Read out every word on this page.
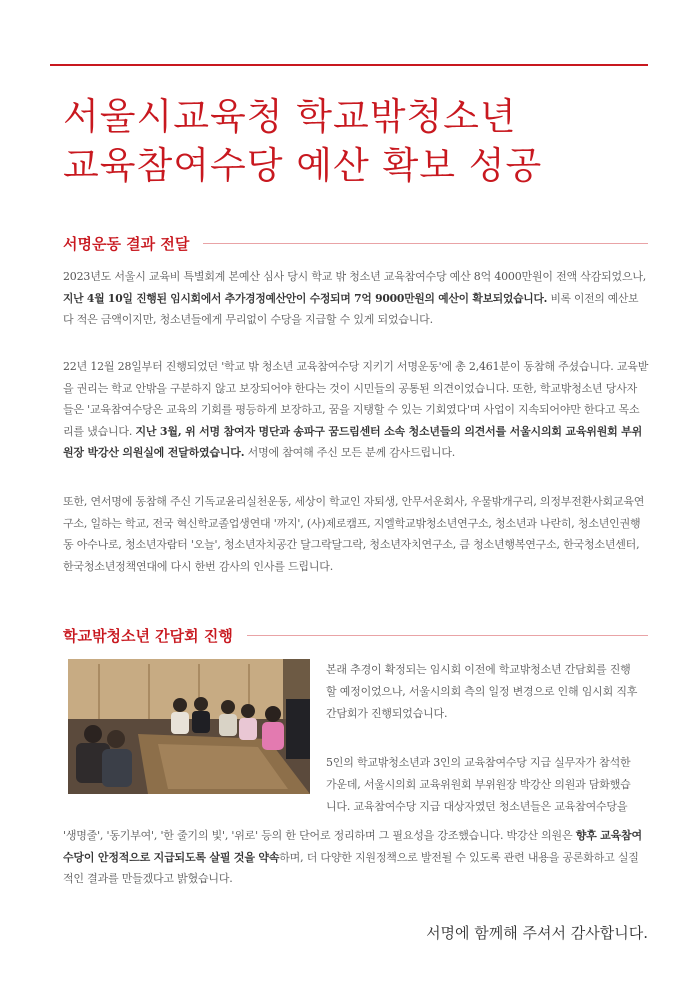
서울시교육청 학교밖청소년
교육참여수당 예산 확보 성공
서명운동 결과 전달

2023년도 서울시 교육비 특별회계 본예산 심사 당시 학교 밖 청소년 교육참여수당 예산 8억 4000만원이 전액 삭감되었으나,
지난 4월 10일 진행된 임시회에서 추가경정예산안이 수정되며 7억 9000만원의 예산이 확보되었습니다. 비록 이전의 예산보
다 적은 금액이지만, 청소년들에게 무리없이 수당을 지급할 수 있게 되었습니다.

22년 12월 28일부터 진행되었던 '학교 밖 청소년 교육참여수당 지키기 서명운동'에 총 2,461분이 동참해 주셨습니다. 교육받
을 권리는 학교 안밖을 구분하지 않고 보장되어야 한다는 것이 시민들의 공통된 의견이었습니다. 또한, 학교밖청소년 당사자
들은 '교육참여수당은 교육의 기회를 평등하게 보장하고, 꿈을 지탱할 수 있는 기회였다'며 사업이 지속되어야만 한다고 목소
리를 냈습니다. 지난 3월, 위 서명 참여자 명단과 송파구 꿈드림센터 소속 청소년들의 의견서를 서울시의회 교육위원회 부위
원장 박강산 의원실에 전달하였습니다. 서명에 참여해 주신 모든 분께 감사드립니다.

또한, 연서명에 동참해 주신 기독교윤리실천운동, 세상이 학교인 자퇴생, 안무서운회사, 우물밖개구리, 의정부전환사회교육연
구소, 일하는 학교, 전국 혁신학교졸업생연대 '까지', (사)제로캠프, 지엘학교밖청소년연구소, 청소년과 나란히, 청소년인권행
동 아수나로, 청소년자람터 '오늘', 청소년자치공간 달그락달그락, 청소년자치연구소, 큼 청소년행복연구소, 한국청소년센터,
한국청소년정책연대에 다시 한번 감사의 인사를 드립니다.

학교밖청소년 간담회 진행

본래 추경이 확정되는 임시회 이전에 학교밖청소년 간담회를 진행
할 예정이었으나, 서울시의회 측의 일정 변경으로 인해 임시회 직후
간담회가 진행되었습니다.

5인의 학교밖청소년과 3인의 교육참여수당 지급 실무자가 참석한
가운데, 서울시의회 교육위원회 부위원장 박강산 의원과 담화했습
니다. 교육참여수당 지급 대상자였던 청소년들은 교육참여수당을

'생명줄', '동기부여', '한 줄기의 빛', '위로' 등의 한 단어로 정리하며 그 필요성을 강조했습니다. 박강산 의원은 향후 교육참여
수당이 안정적으로 지급되도록 살필 것을 약속하며, 더 다양한 지원정책으로 발전될 수 있도록 관련 내용을 공론화하고 실질
적인 결과를 만들겠다고 밝혔습니다.

서명에 함께해 주셔서 감사합니다.
